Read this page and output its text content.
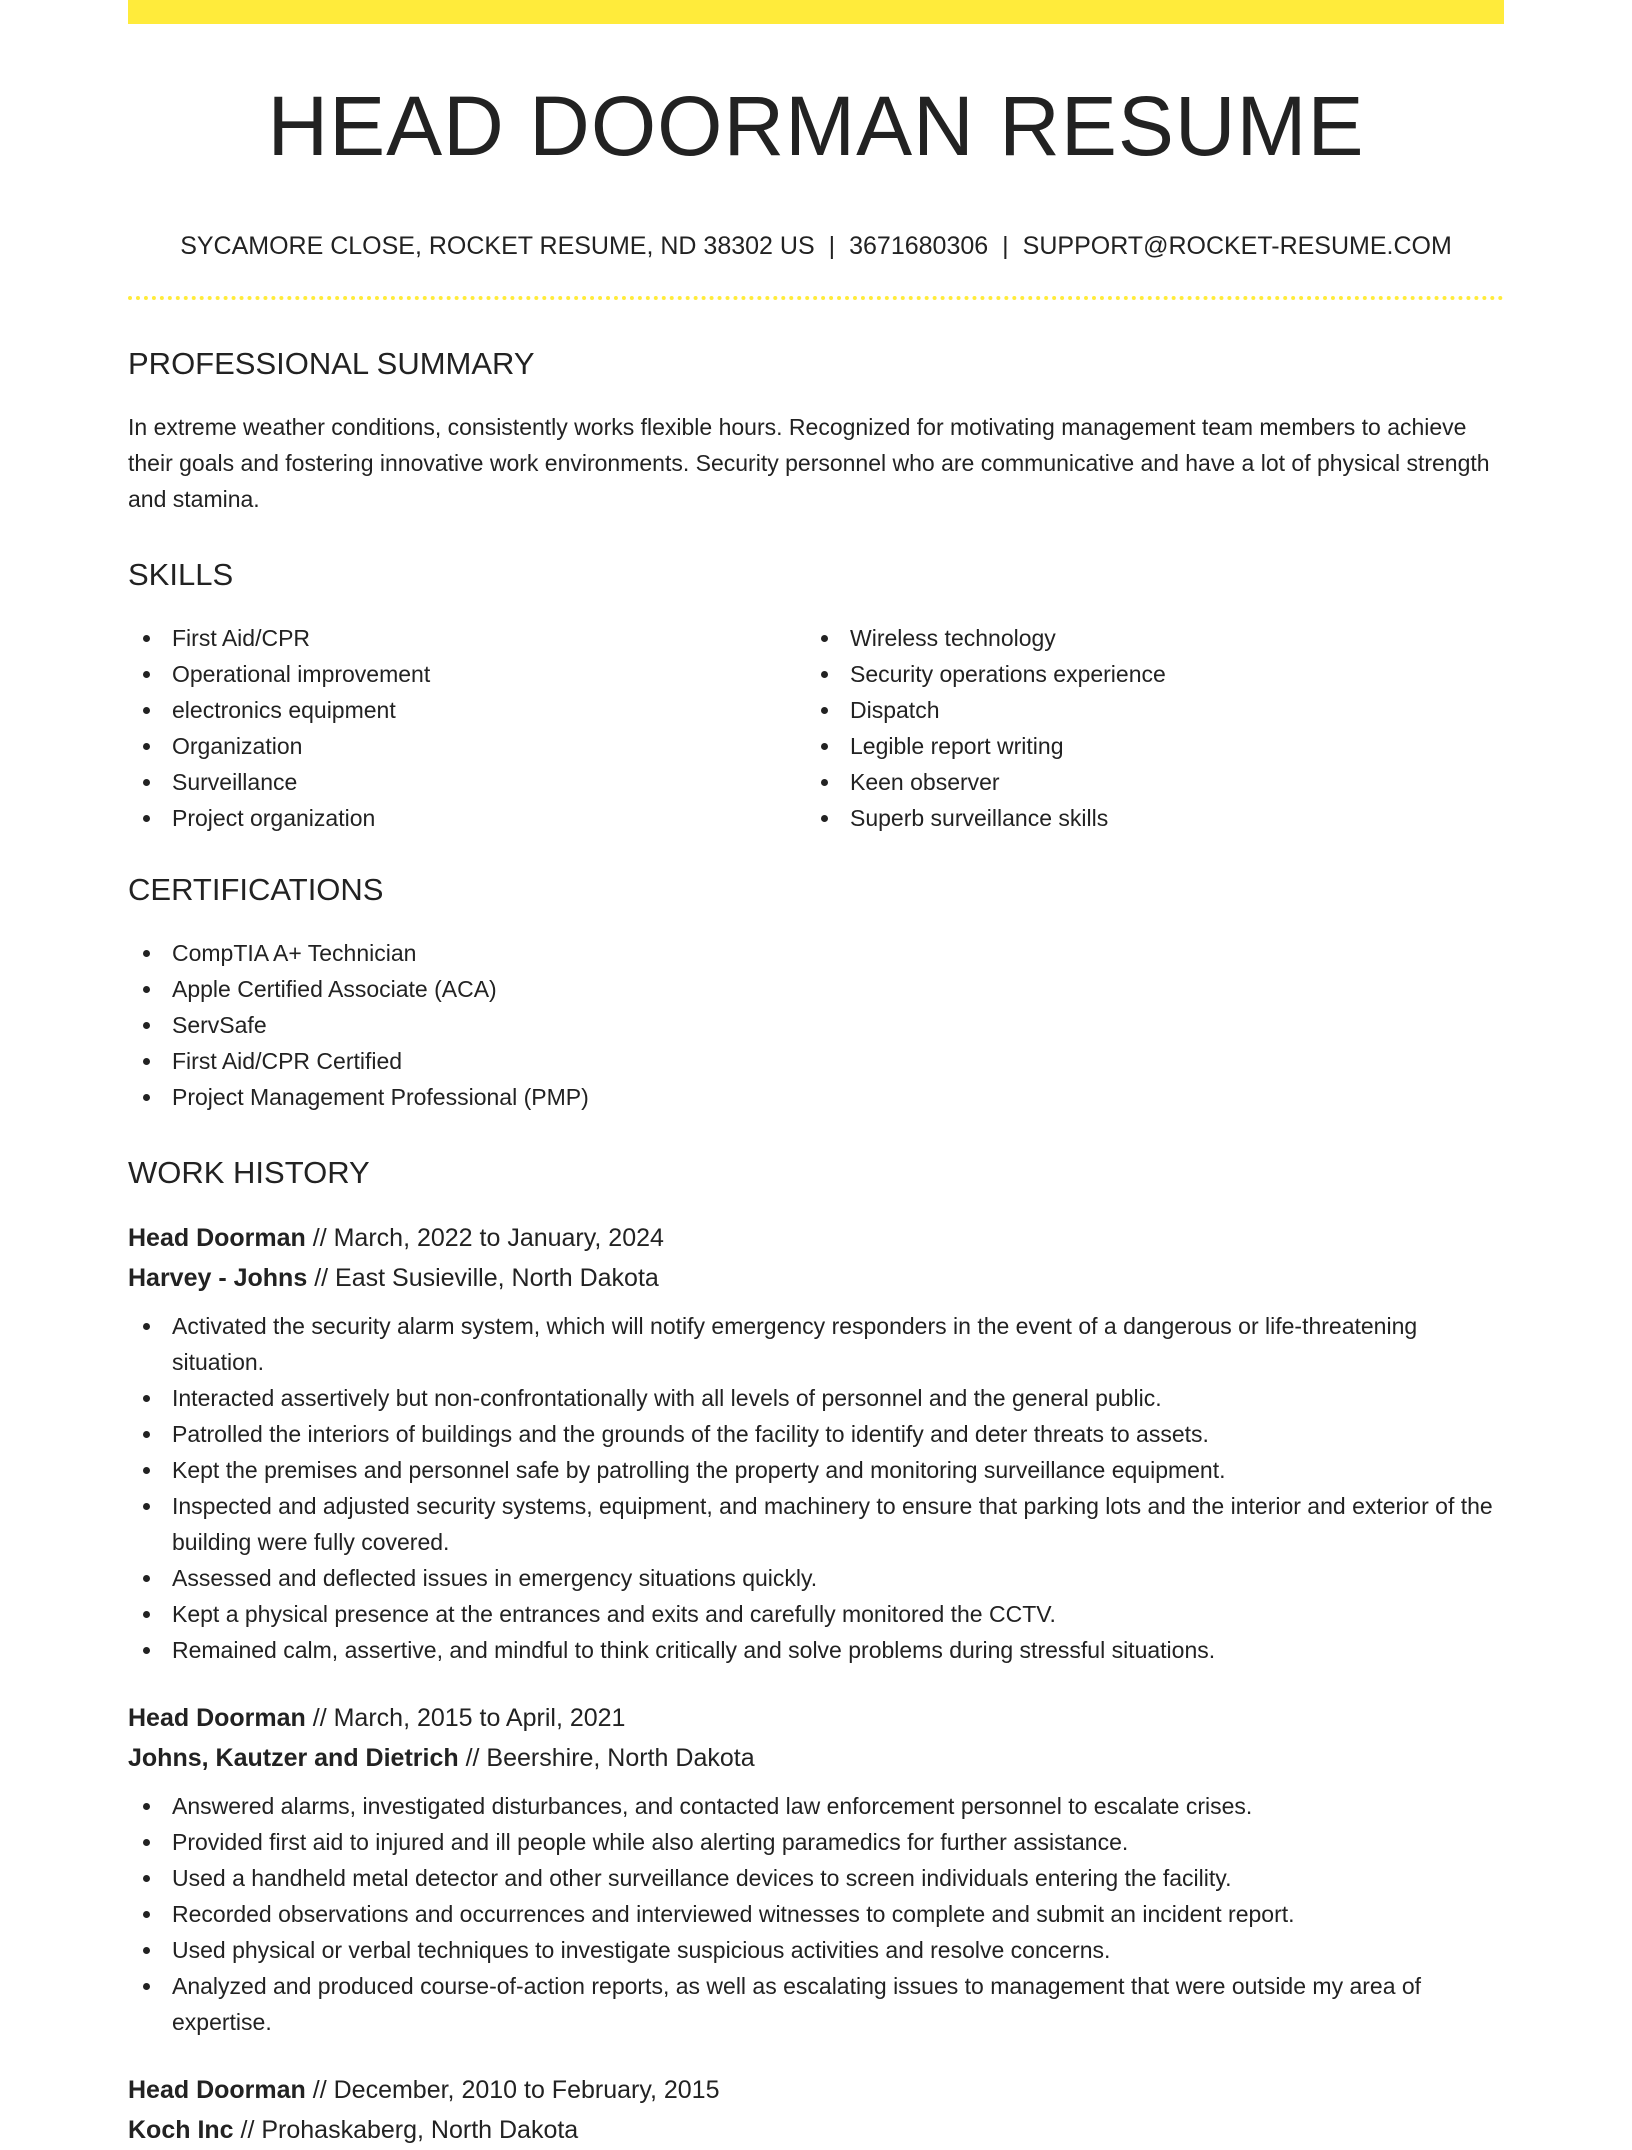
HEAD DOORMAN RESUME
SYCAMORE CLOSE, ROCKET RESUME, ND 38302 US | 3671680306 | SUPPORT@ROCKET-RESUME.COM
PROFESSIONAL SUMMARY

In extreme weather conditions, consistently works flexible hours. Recognized for motivating management team members to achieve their goals and fostering innovative work environments. Security personnel who are communicative and have a lot of physical strength and stamina.

SKILLS
First Aid/CPR
Operational improvement
electronics equipment
Organization
Surveillance
Project organization
Wireless technology
Security operations experience
Dispatch
Legible report writing
Keen observer
Superb surveillance skills
CERTIFICATIONS
CompTIA A+ Technician
Apple Certified Associate (ACA)
ServSafe
First Aid/CPR Certified
Project Management Professional (PMP)
WORK HISTORY
Head Doorman // March, 2022 to January, 2024
Harvey - Johns // East Susieville, North Dakota
Activated the security alarm system, which will notify emergency responders in the event of a dangerous or life-threatening situation.
Interacted assertively but non-confrontationally with all levels of personnel and the general public.
Patrolled the interiors of buildings and the grounds of the facility to identify and deter threats to assets.
Kept the premises and personnel safe by patrolling the property and monitoring surveillance equipment.
Inspected and adjusted security systems, equipment, and machinery to ensure that parking lots and the interior and exterior of the building were fully covered.
Assessed and deflected issues in emergency situations quickly.
Kept a physical presence at the entrances and exits and carefully monitored the CCTV.
Remained calm, assertive, and mindful to think critically and solve problems during stressful situations.
Head Doorman // March, 2015 to April, 2021
Johns, Kautzer and Dietrich // Beershire, North Dakota
Answered alarms, investigated disturbances, and contacted law enforcement personnel to escalate crises.
Provided first aid to injured and ill people while also alerting paramedics for further assistance.
Used a handheld metal detector and other surveillance devices to screen individuals entering the facility.
Recorded observations and occurrences and interviewed witnesses to complete and submit an incident report.
Used physical or verbal techniques to investigate suspicious activities and resolve concerns.
Analyzed and produced course-of-action reports, as well as escalating issues to management that were outside my area of expertise.
Head Doorman // December, 2010 to February, 2015
Koch Inc // Prohaskaberg, North Dakota
